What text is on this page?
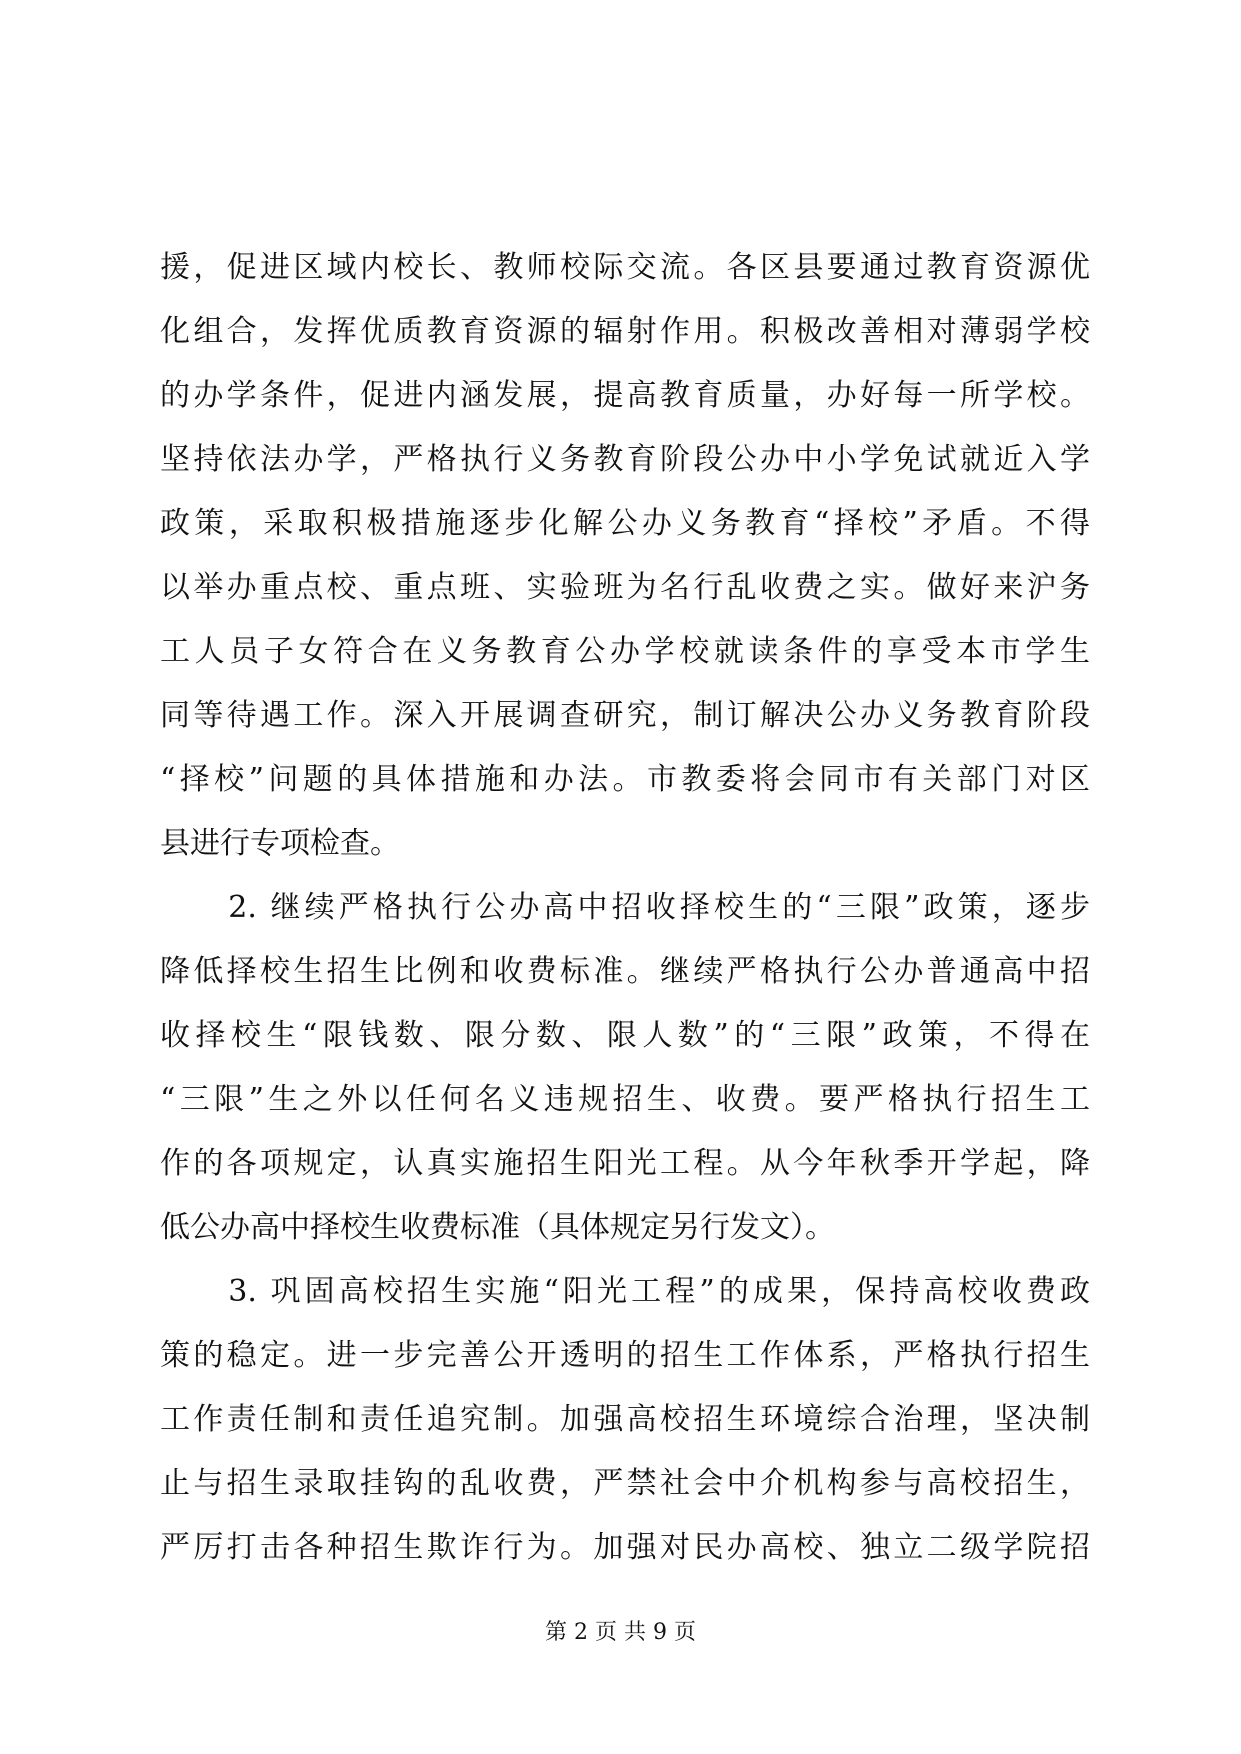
援，促进区域内校长、教师校际交流。各区县要通过教育资源优
化组合，发挥优质教育资源的辐射作用。积极改善相对薄弱学校
的办学条件，促进内涵发展，提高教育质量，办好每一所学校。
坚持依法办学，严格执行义务教育阶段公办中小学免试就近入学
政策，采取积极措施逐步化解公办义务教育“择校”矛盾。不得
以举办重点校、重点班、实验班为名行乱收费之实。做好来沪务
工人员子女符合在义务教育公办学校就读条件的享受本市学生
同等待遇工作。深入开展调查研究，制订解决公办义务教育阶段
“择校”问题的具体措施和办法。市教委将会同市有关部门对区
县进行专项检查。
　　2. 继续严格执行公办高中招收择校生的“三限”政策，逐步
降低择校生招生比例和收费标准。继续严格执行公办普通高中招
收择校生“限钱数、限分数、限人数”的“三限”政策，不得在
“三限”生之外以任何名义违规招生、收费。要严格执行招生工
作的各项规定，认真实施招生阳光工程。从今年秋季开学起，降
低公办高中择校生收费标准（具体规定另行发文）。
　　3. 巩固高校招生实施“阳光工程”的成果，保持高校收费政
策的稳定。进一步完善公开透明的招生工作体系，严格执行招生
工作责任制和责任追究制。加强高校招生环境综合治理，坚决制
止与招生录取挂钩的乱收费，严禁社会中介机构参与高校招生，
严厉打击各种招生欺诈行为。加强对民办高校、独立二级学院招
第 2 页 共 9 页
